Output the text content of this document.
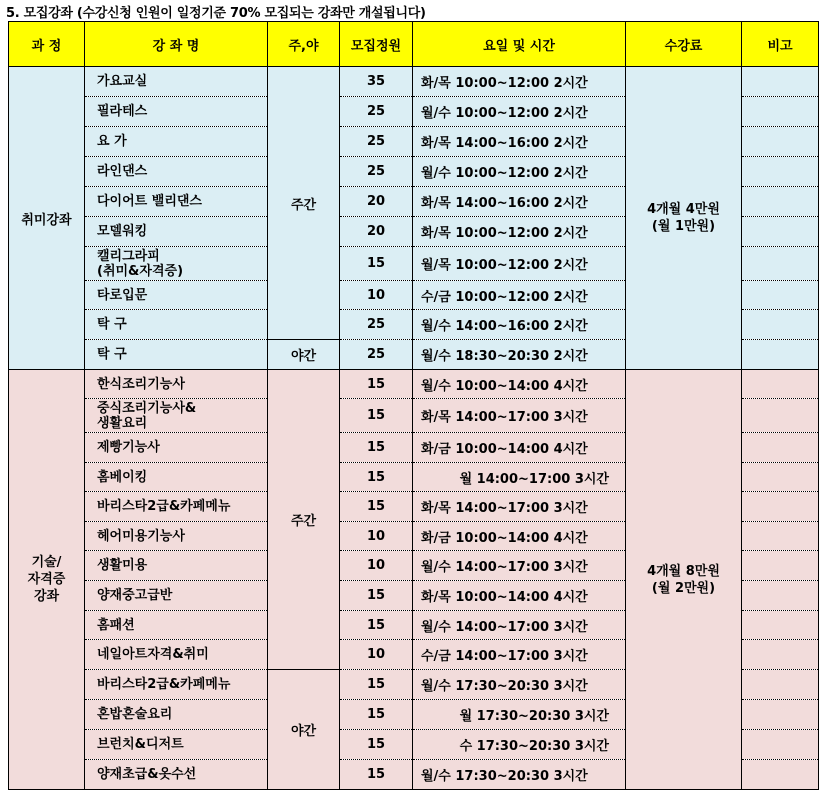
5. 모집강좌 (수강신청 인원이 일정기준 70% 모집되는 강좌만 개설됩니다)
과 정	강 좌 명	주,야	모집정원	요일 및 시간	수강료	비고
취미강좌	가요교실	주간	35	화/목 10:00~12:00 2시간	4개월 4만원
(월 1만원)	
	필라테스		25	월/수 10:00~12:00 2시간		
	요 가		25	화/목 14:00~16:00 2시간		
	라인댄스		25	월/수 10:00~12:00 2시간		
	다이어트 밸리댄스		20	화/목 14:00~16:00 2시간		
	모델워킹		20	화/목 10:00~12:00 2시간		
	캘리그라피
(취미&자격증)		15	월/목 10:00~12:00 2시간		
	타로입문		10	수/금 10:00~12:00 2시간		
	탁 구		25	월/수 14:00~16:00 2시간		
	탁 구	야간	25	월/수 18:30~20:30 2시간		
기술/
자격증
강좌	한식조리기능사	주간	15	월/수 10:00~14:00 4시간	4개월 8만원
(월 2만원)	
	중식조리기능사&
생활요리		15	화/목 14:00~17:00 3시간		
	제빵기능사		15	화/금 10:00~14:00 4시간		
	홈베이킹		15	월 14:00~17:00 3시간		
	바리스타2급&카페메뉴		15	화/목 14:00~17:00 3시간		
	헤어미용기능사		10	화/금 10:00~14:00 4시간		
	생활미용		10	월/수 14:00~17:00 3시간		
	양재중고급반		15	화/목 10:00~14:00 4시간		
	홈패션		15	월/수 14:00~17:00 3시간		
	네일아트자격&취미		10	수/금 14:00~17:00 3시간		
	바리스타2급&카페메뉴	야간	15	월/수 17:30~20:30 3시간		
	혼밥혼술요리		15	월 17:30~20:30 3시간		
	브런치&디저트		15	수 17:30~20:30 3시간		
	양재초급&옷수선		15	월/수 17:30~20:30 3시간		
